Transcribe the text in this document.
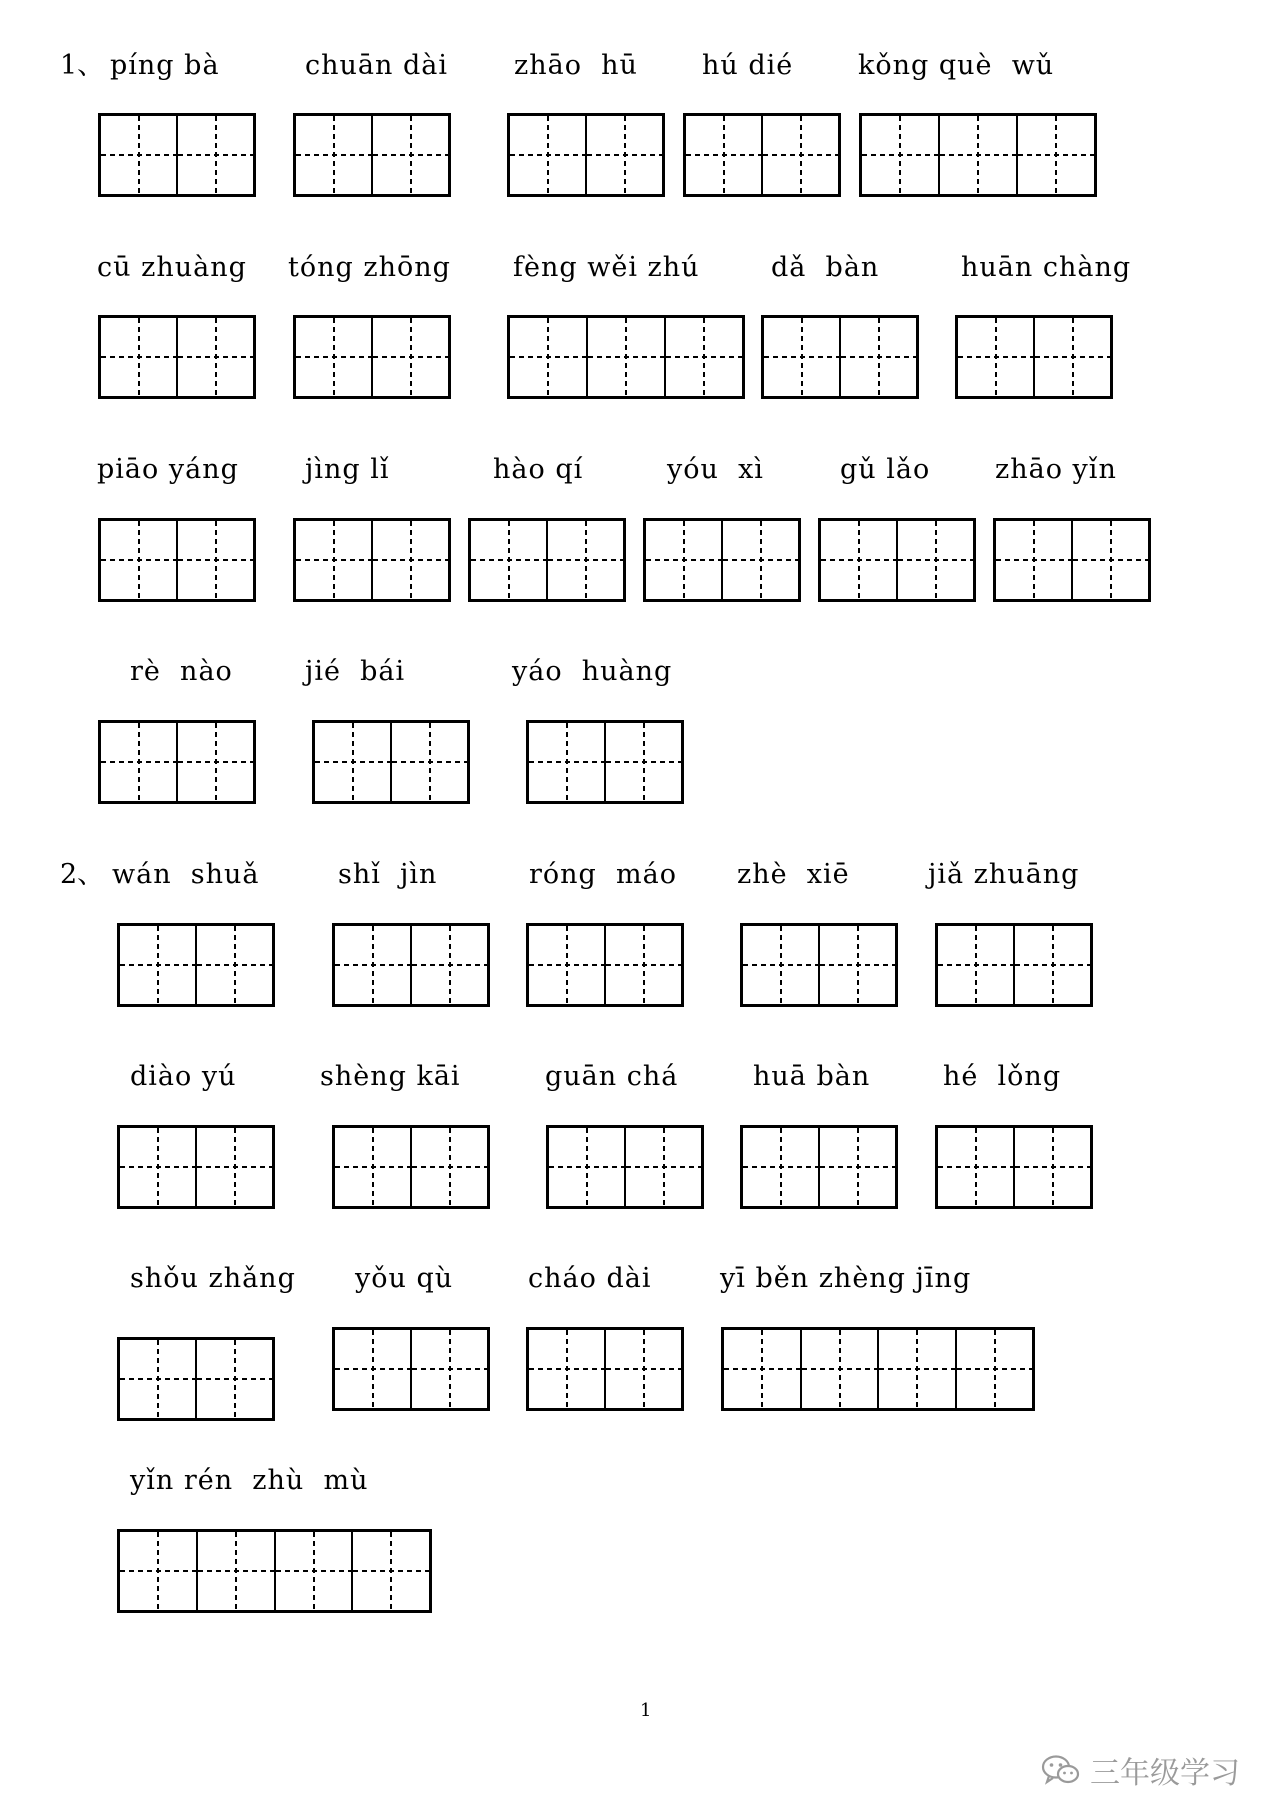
1、 píng bà	chuān dài zhāo  hū hú dié kǒng què  wǔ
cū zhuàng tóng zhōng fèng wěi zhú	dǎ  bàn	huān chàng
piāo yáng jìng lǐ	hào qí	yóu  xì	gǔ lǎo zhāo yǐn
rè  nào	jié  bái	yáo  huàng
2、 wán  shuǎ	shǐ  jìn	róng  máo zhè  xiē	jiǎ zhuāng
diào yú	shèng kāi	guān chá	huā bàn	hé  lǒng
shǒu zhǎng yǒu qù	cháo dài	yī běn zhèng jīng
yǐn rén  zhù  mù
1
三年级学习
